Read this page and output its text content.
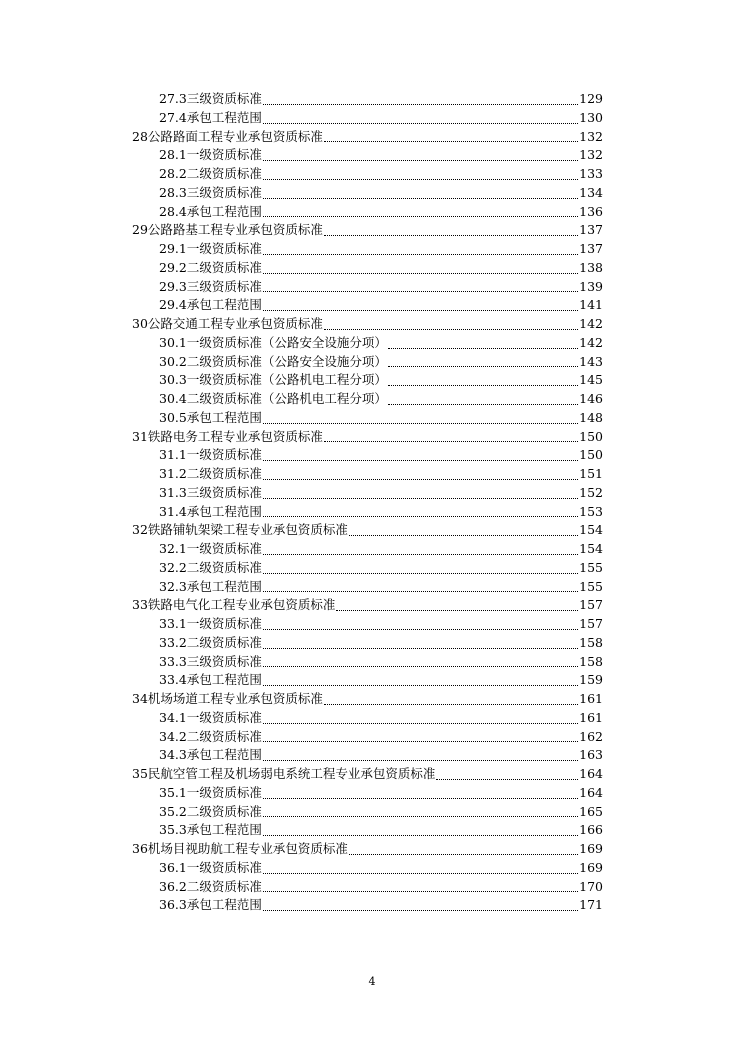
27.3三级资质标准	129
27.4承包工程范围	130
28公路路面工程专业承包资质标准	132
28.1一级资质标准	132
28.2二级资质标准	133
28.3三级资质标准	134
28.4承包工程范围	136
29公路路基工程专业承包资质标准	137
29.1一级资质标准	137
29.2二级资质标准	138
29.3三级资质标准	139
29.4承包工程范围	141
30公路交通工程专业承包资质标准	142
30.1一级资质标准（公路安全设施分项）	142
30.2二级资质标准（公路安全设施分项）	143
30.3一级资质标准（公路机电工程分项）	145
30.4二级资质标准（公路机电工程分项）	146
30.5承包工程范围	148
31铁路电务工程专业承包资质标准	150
31.1一级资质标准	150
31.2二级资质标准	151
31.3三级资质标准	152
31.4承包工程范围	153
32铁路铺轨架梁工程专业承包资质标准	154
32.1一级资质标准	154
32.2二级资质标准	155
32.3承包工程范围	155
33铁路电气化工程专业承包资质标准	157
33.1一级资质标准	157
33.2二级资质标准	158
33.3三级资质标准	158
33.4承包工程范围	159
34机场场道工程专业承包资质标准	161
34.1一级资质标准	161
34.2二级资质标准	162
34.3承包工程范围	163
35民航空管工程及机场弱电系统工程专业承包资质标准	164
35.1一级资质标准	164
35.2二级资质标准	165
35.3承包工程范围	166
36机场目视助航工程专业承包资质标准	169
36.1一级资质标准	169
36.2二级资质标准	170
36.3承包工程范围	171
4
